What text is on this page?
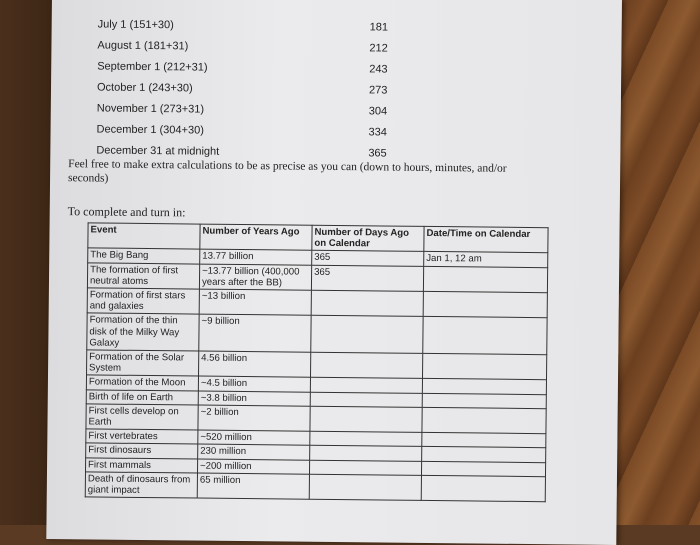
July 1 (151+30)	181
August 1 (181+31)	212
September 1 (212+31)	243
October 1 (243+30)	273
November 1 (273+31)	304
December 1 (304+30)	334
December 31 at midnight	365
Feel free to make extra calculations to be as precise as you can (down to hours, minutes, and/or seconds)
To complete and turn in:
Event	Number of Years Ago	Number of Days Ago on Calendar	Date/Time on Calendar
The Big Bang	13.77 billion	365	Jan 1, 12 am
The formation of first neutral atoms	~13.77 billion (400,000 years after the BB)	365	
Formation of first stars and galaxies	~13 billion		
Formation of the thin disk of the Milky Way Galaxy	~9 billion		
Formation of the Solar System	4.56 billion		
Formation of the Moon	~4.5 billion		
Birth of life on Earth	~3.8 billion		
First cells develop on Earth	~2 billion		
First vertebrates	~520 million		
First dinosaurs	230 million		
First mammals	~200 million		
Death of dinosaurs from giant impact	65 million		
